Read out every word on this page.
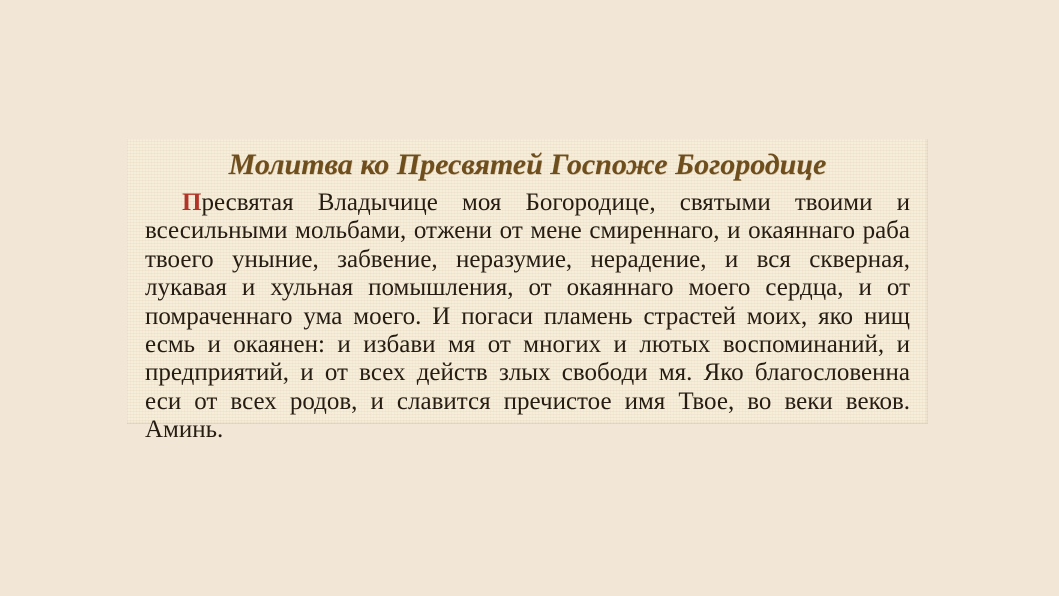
Молитва ко Пресвятей Госпоже Богородице

Пресвятая Владычице моя Богородице, святыми твоими и всесильными мольбами, отжени от мене смиреннаго, и окаяннаго раба твоего уныние, забвение, неразумие, нерадение, и вся скверная, лукавая и хульная помышления, от окаяннаго моего сердца, и от помраченнаго ума моего. И погаси пламень страстей моих, яко нищ есмь и окаянен: и избави мя от многих и лютых воспоминаний, и предприятий, и от всех действ злых свободи мя. Яко благословенна еси от всех родов, и славится пречистое имя Твое, во веки веков. Аминь.
